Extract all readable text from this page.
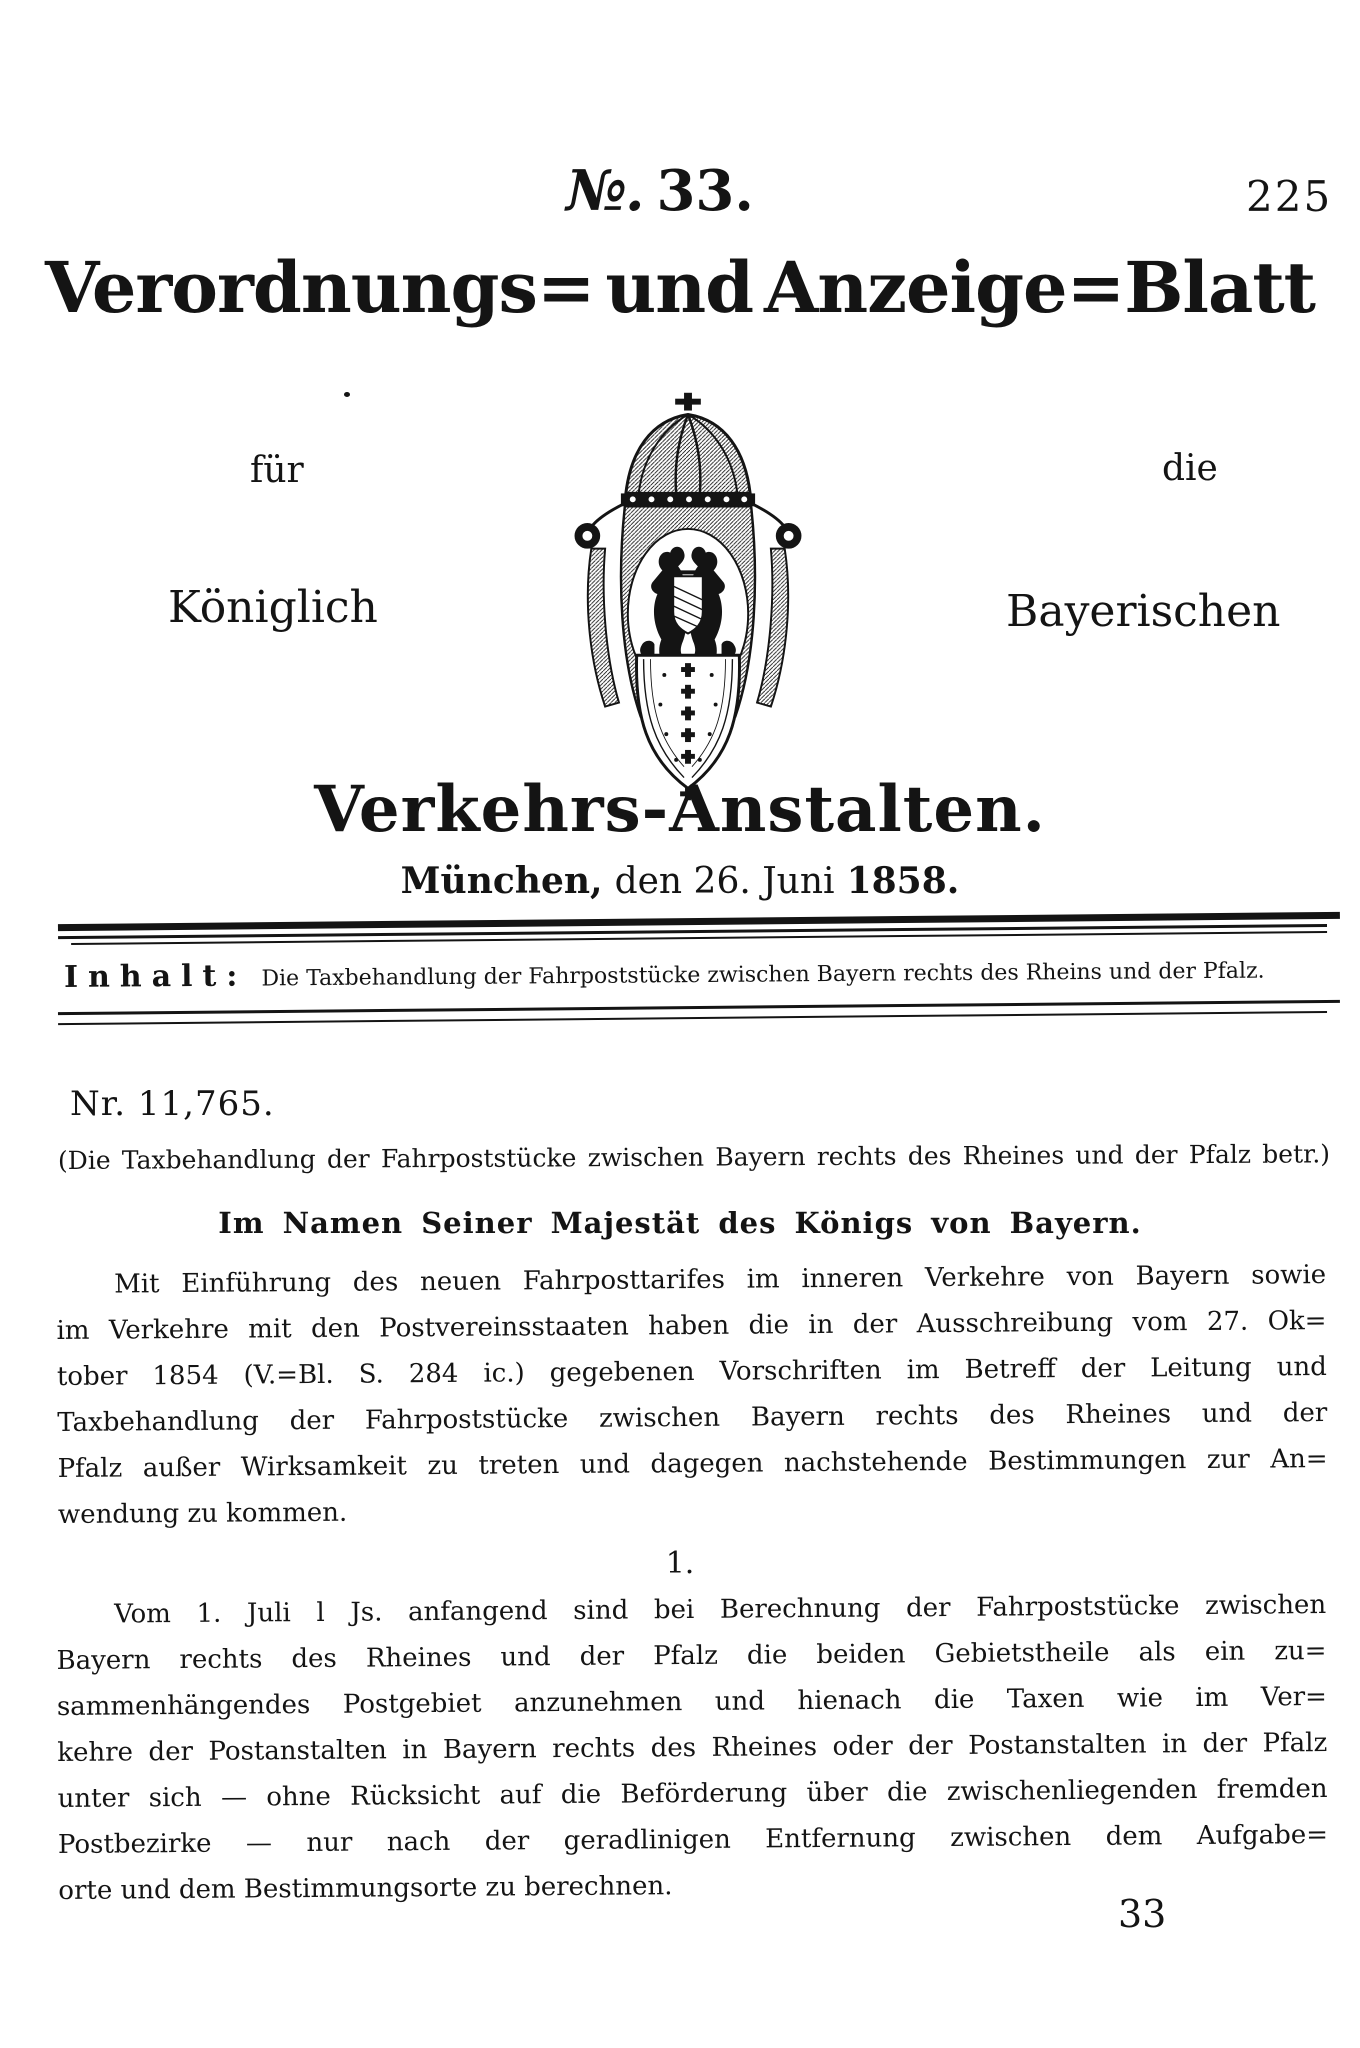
№. 33.	225
Verordnungs= und Anzeige=Blatt
für	die
Königlich	Bayerischen
Verkehrs-Anstalten.
München, den 26. Juni 1858.
Inhalt: Die Taxbehandlung der Fahrpoststücke zwischen Bayern rechts des Rheins und der Pfalz.
Nr. 11,765.
(Die Taxbehandlung der Fahrpoststücke zwischen Bayern rechts des Rheines und der Pfalz betr.)
Im Namen Seiner Majestät des Königs von Bayern.
Mit Einführung des neuen Fahrposttarifes im inneren Verkehre von Bayern sowie
im Verkehre mit den Postvereinsstaaten haben die in der Ausschreibung vom 27. Ok=
tober 1854 (V.=Bl. S. 284 ic.) gegebenen Vorschriften im Betreff der Leitung und
Taxbehandlung der Fahrpoststücke zwischen Bayern rechts des Rheines und der
Pfalz außer Wirksamkeit zu treten und dagegen nachstehende Bestimmungen zur An=
wendung zu kommen.
1.
Vom 1. Juli l Js. anfangend sind bei Berechnung der Fahrpoststücke zwischen
Bayern rechts des Rheines und der Pfalz die beiden Gebietstheile als ein zu=
sammenhängendes Postgebiet anzunehmen und hienach die Taxen wie im Ver=
kehre der Postanstalten in Bayern rechts des Rheines oder der Postanstalten in der Pfalz
unter sich — ohne Rücksicht auf die Beförderung über die zwischenliegenden fremden
Postbezirke — nur nach der geradlinigen Entfernung zwischen dem Aufgabe=
orte und dem Bestimmungsorte zu berechnen.
33
